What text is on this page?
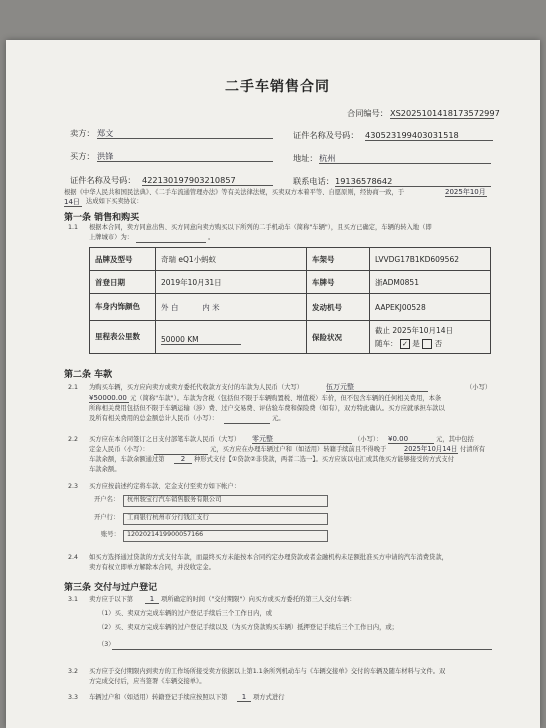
二手车销售合同
合同编号： XS2025101418173572997
卖方： 郑文	证件名称及号码： 430523199403031518
买方： 洪锋	地址： 杭州
证件名称及号码： 422130197903210857	联系电话： 19136578642
根据《中华人民共和国民法典》、《二手车流通管理办法》等有关法律法规，买卖双方本着平等、自愿原则，经协商一致，于	2025年10月
14日 达成如下买卖协议：
第一条 销售和购买
1.1 根据本合同，卖方同意出售、买方同意向卖方购买以下所列的二手机动车（简称"车辆"），且买方已确定，车辆的转入地（即
上牌城市）为：	。
品牌及型号	奇瑞 eQ1小蚂蚁	车架号	LVVDG17B1KD609562
首登日期	2019年10月31日	车牌号	浙ADM0851
车身内饰颜色	外 白          内 米	发动机号	AAPEKJ00528
里程表公里数	50000 KM	保险状况	截止 2025年10月14日
随车： ✓ 是 否
第二条 车款
2.1 为购买车辆，买方应向卖方或卖方委托代收款方支付的车款为人民币（大写）	伍万元整	（小写）
¥50000.00 元（简称"车款"）。车款为含税（包括但不限于车辆购置税、增值税）车价，但不包含车辆的任何相关费用，本条
所称相关费用包括但不限于车辆运输（涉）费、过户交易费、评估验车费和保险费（如有），双方特此确认。买方应就承担车款以
及所有相关费用的总金额总计人民币（小写）：	元。
2.2 买方应在本合同签订之日支付部笔车款人民币（大写） 零元整	（小写）： ¥0.00	元，其中包括
定金人民币（小写）：	元，买方应在办理车辆过户和（如适用）转籍手续前且不得晚于	2025年10月14日 付清所有
车款余额，车款余额通过第	2	种形式支付【①贷款②非贷款，两者二选一】。买方应该以电汇或其他买方能够接受的方式支付
车款余额。
2.3 买方应按前述约定将车款、定金支付至卖方如下帐户：
开户名：	杭州骏宝行汽车销售服务有限公司
开户行：	工商银行杭州市分行钱江支行
账号：	1202021419900057166
2.4 如买方选择通过贷款的方式支付车款，而最终买方未能按本合同约定办理贷款或者金融机构未足额批准买方申请的汽车消费贷款，
卖方有权立即单方解除本合同，并没收定金。
第三条 交付与过户登记
3.1 卖方应于以下第	1	项所确定的时间（"交付期限"）向买方或买方委托的第三人交付车辆：
（1）买、卖双方完成车辆的过户登记手续后三个工作日内，或
（2）买、卖双方完成车辆的过户登记手续以及（为买方贷款购买车辆）抵押登记手续后三个工作日内，或；
（3）
3.2 买方应于交付期限内到卖方的工作场所接受卖方依据以上第1.1条所列机动车与《车辆交接单》交付的车辆及随车材料与文件。双
方完成交付后，应当签署《车辆交接单》。
3.3 车辆过户和（如适用）转籍登记手续应按照以下第	1	项方式进行
